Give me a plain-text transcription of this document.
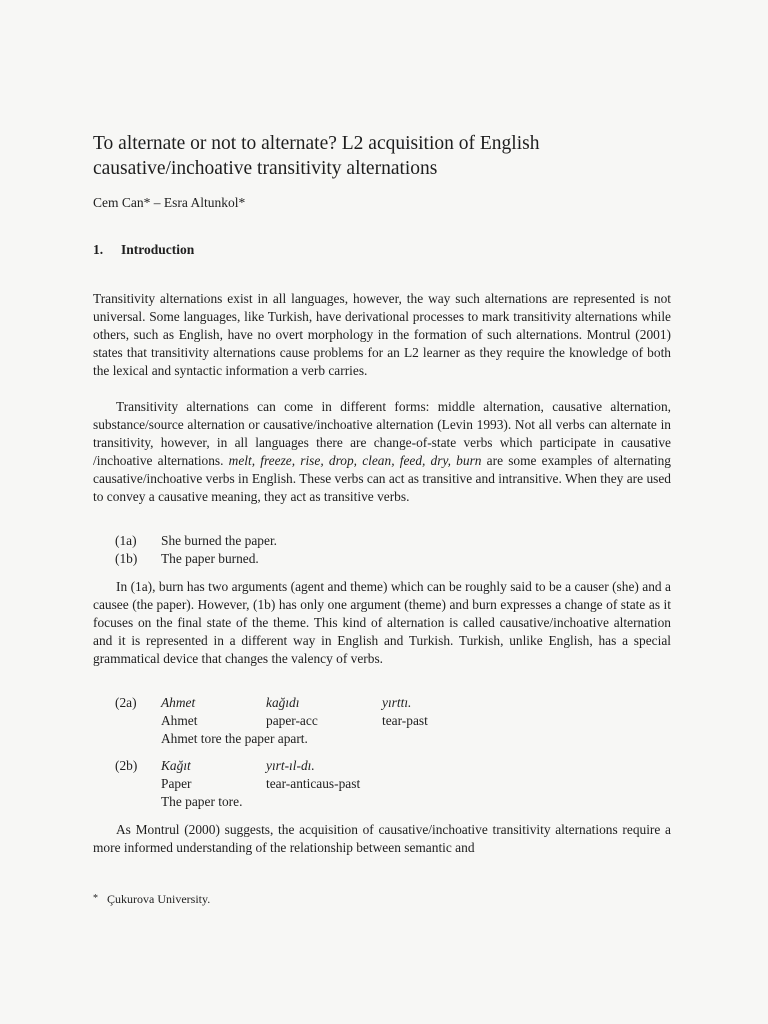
To alternate or not to alternate? L2 acquisition of English causative/inchoative transitivity alternations
Cem Can* – Esra Altunkol*
1. Introduction

Transitivity alternations exist in all languages, however, the way such alternations are represented is not universal. Some languages, like Turkish, have derivational processes to mark transitivity alternations while others, such as English, have no overt morphology in the formation of such alternations. Montrul (2001) states that transitivity alternations cause problems for an L2 learner as they require the knowledge of both the lexical and syntactic information a verb carries.

Transitivity alternations can come in different forms: middle alternation, causative alternation, substance/source alternation or causative/inchoative alternation (Levin 1993). Not all verbs can alternate in transitivity, however, in all languages there are change-of-state verbs which participate in causative /inchoative alternations. melt, freeze, rise, drop, clean, feed, dry, burn are some examples of alternating causative/inchoative verbs in English. These verbs can act as transitive and intransitive. When they are used to convey a causative meaning, they act as transitive verbs.

(1a)	She burned the paper.
(1b)	The paper burned.

In (1a), burn has two arguments (agent and theme) which can be roughly said to be a causer (she) and a causee (the paper). However, (1b) has only one argument (theme) and burn expresses a change of state as it focuses on the final state of the theme. This kind of alternation is called causative/inchoative alternation and it is represented in a different way in English and Turkish. Turkish, unlike English, has a special grammatical device that changes the valency of verbs.

(2a)	Ahmet	kağıdı	yırttı.
Ahmet	paper-acc	tear-past
Ahmet tore the paper apart.
(2b)	Kağıt	yırt-ıl-dı.
Paper	tear-anticaus-past
The paper tore.

As Montrul (2000) suggests, the acquisition of causative/inchoative transitivity alternations require a more informed understanding of the relationship between semantic and

* Çukurova University.
